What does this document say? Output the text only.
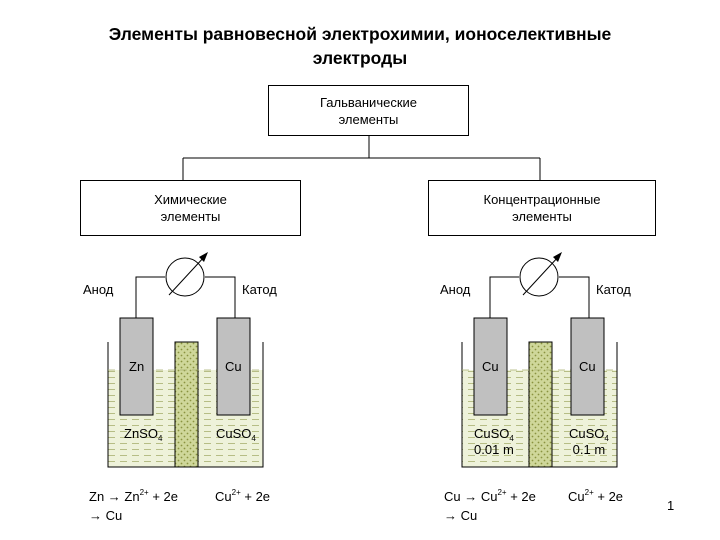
Элементы равновесной электрохимии, ионоселективные
электроды
Гальванические
элементы
Химические
элементы
Концентрационные
элементы
Анод	Катод
Zn	Cu
ZnSO$_4$	CuSO$_4$
$Zn \to Zn^{2+} + 2e$
→ Cu
$Cu^{2+} + 2e$
Анод	Катод
Cu	Cu
CuSO$_4$
0.01 m
CuSO$_4$
0.1 m
$Cu \to Cu^{2+} + 2e$
→ Cu
$Cu^{2+} + 2e$
1
